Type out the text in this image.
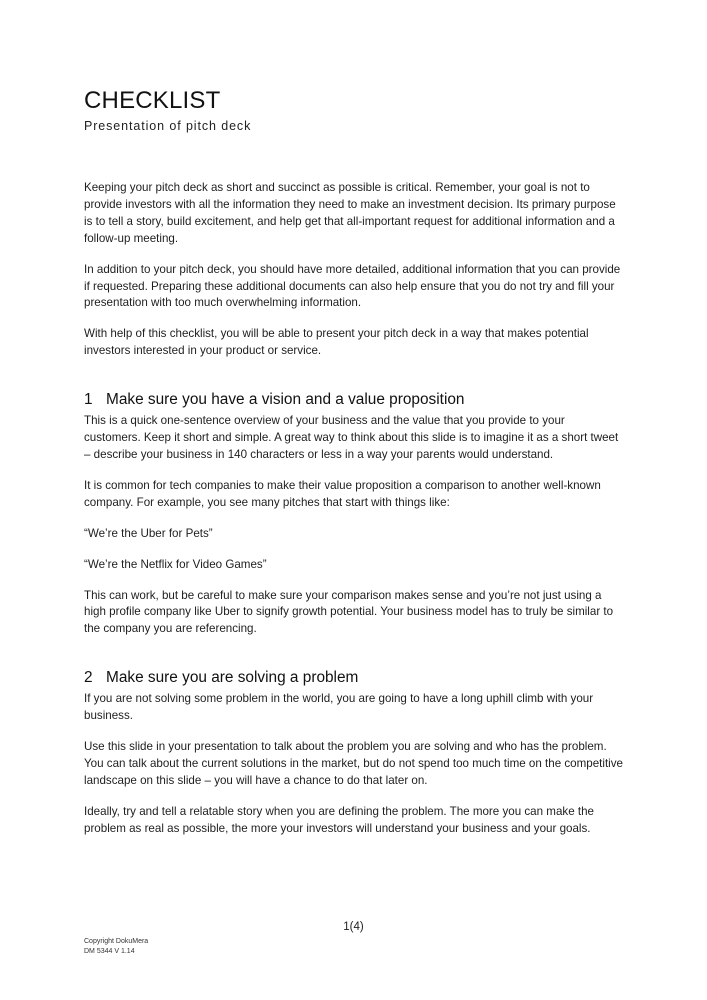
CHECKLIST
Presentation of pitch deck

Keeping your pitch deck as short and succinct as possible is critical. Remember, your goal is not to provide investors with all the information they need to make an investment decision. Its primary purpose is to tell a story, build excitement, and help get that all-important request for additional information and a follow-up meeting.

In addition to your pitch deck, you should have more detailed, additional information that you can provide if requested. Preparing these additional documents can also help ensure that you do not try and fill your presentation with too much overwhelming information.

With help of this checklist, you will be able to present your pitch deck in a way that makes potential investors interested in your product or service.

1 Make sure you have a vision and a value proposition

This is a quick one-sentence overview of your business and the value that you provide to your customers. Keep it short and simple. A great way to think about this slide is to imagine it as a short tweet – describe your business in 140 characters or less in a way your parents would understand.

It is common for tech companies to make their value proposition a comparison to another well-known company. For example, you see many pitches that start with things like:

“We’re the Uber for Pets”

“We’re the Netflix for Video Games”

This can work, but be careful to make sure your comparison makes sense and you’re not just using a high profile company like Uber to signify growth potential. Your business model has to truly be similar to the company you are referencing.

2 Make sure you are solving a problem

If you are not solving some problem in the world, you are going to have a long uphill climb with your business.

Use this slide in your presentation to talk about the problem you are solving and who has the problem. You can talk about the current solutions in the market, but do not spend too much time on the competitive landscape on this slide – you will have a chance to do that later on.

Ideally, try and tell a relatable story when you are defining the problem. The more you can make the problem as real as possible, the more your investors will understand your business and your goals.

1(4)
Copyright DokuMera
DM 5344 V 1.14
